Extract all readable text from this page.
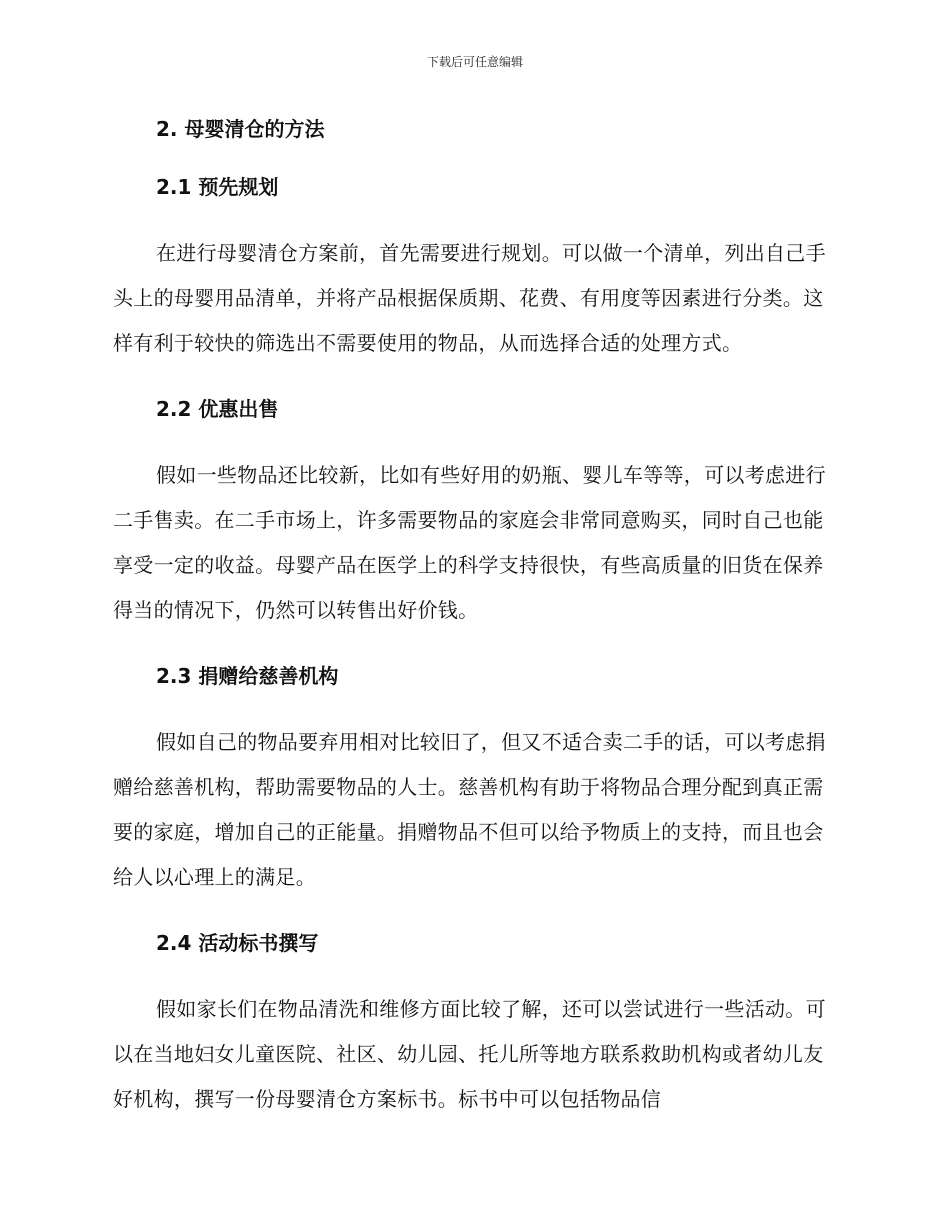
下载后可任意编辑
2. 母婴清仓的方法
2.1 预先规划

在进行母婴清仓方案前，首先需要进行规划。可以做一个清单，列出自己手头上的母婴用品清单，并将产品根据保质期、花费、有用度等因素进行分类。这样有利于较快的筛选出不需要使用的物品，从而选择合适的处理方式。

2.2 优惠出售

假如一些物品还比较新，比如有些好用的奶瓶、婴儿车等等，可以考虑进行二手售卖。在二手市场上，许多需要物品的家庭会非常同意购买，同时自己也能享受一定的收益。母婴产品在医学上的科学支持很快，有些高质量的旧货在保养得当的情况下，仍然可以转售出好价钱。

2.3 捐赠给慈善机构

假如自己的物品要弃用相对比较旧了，但又不适合卖二手的话，可以考虑捐赠给慈善机构，帮助需要物品的人士。慈善机构有助于将物品合理分配到真正需要的家庭，增加自己的正能量。捐赠物品不但可以给予物质上的支持，而且也会给人以心理上的满足。

2.4 活动标书撰写

假如家长们在物品清洗和维修方面比较了解，还可以尝试进行一些活动。可以在当地妇女儿童医院、社区、幼儿园、托儿所等地方联系救助机构或者幼儿友好机构，撰写一份母婴清仓方案标书。标书中可以包括物品信
